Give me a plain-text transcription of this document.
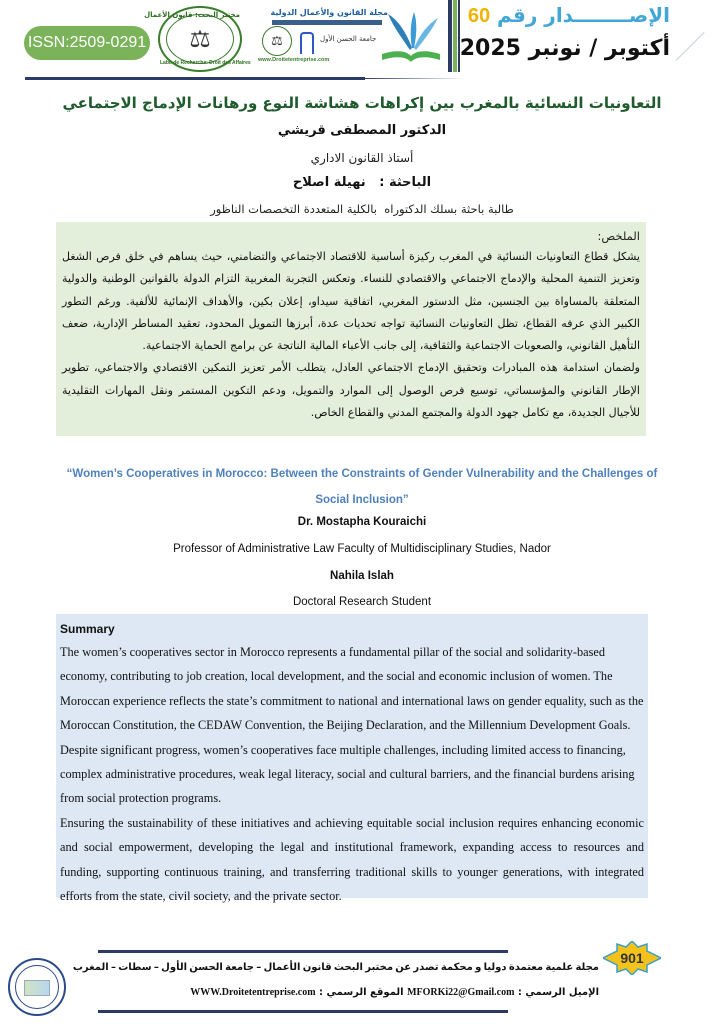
ISSN:2509-0291
مختبر البحث: قانون الأعمال
⚖
Labo de Recherche: Droit des Affaires
مجلة القانون والأعمال الدولية
⚖	جامعة الحسن الأول
www.Droitetentreprise.com
الإصــــــــدار رقم 60
أكتوبر / نونبر 2025
التعاونيات النسائية بالمغرب بين إكراهات هشاشة النوع ورهانات الإدماج الاجتماعي
الدكتور المصطفى قريشي
أستاذ القانون الاداري
الباحثة :   نهيلة اصلاح
طالبة باحثة بسلك الدكتوراه  بالكلية المتعددة التخصصات الناظور
الملخص:

يشكل قطاع التعاونيات النسائية في المغرب ركيزة أساسية للاقتصاد الاجتماعي والتضامني، حيث يساهم في خلق فرص الشغل وتعزيز التنمية المحلية والإدماج الاجتماعي والاقتصادي للنساء. وتعكس التجربة المغربية التزام الدولة بالقوانين الوطنية والدولية المتعلقة بالمساواة بين الجنسين، مثل الدستور المغربي، اتفاقية سيداو، إعلان بكين، والأهداف الإنمائية للألفية. ورغم التطور الكبير الذي عرفه القطاع، تظل التعاونيات النسائية تواجه تحديات عدة، أبرزها التمويل المحدود، تعقيد المساطر الإدارية، ضعف التأهيل القانوني، والصعوبات الاجتماعية والثقافية، إلى جانب الأعباء المالية الناتجة عن برامج الحماية الاجتماعية.

ولضمان استدامة هذه المبادرات وتحقيق الإدماج الاجتماعي العادل، يتطلب الأمر تعزيز التمكين الاقتصادي والاجتماعي، تطوير الإطار القانوني والمؤسساتي، توسيع فرص الوصول إلى الموارد والتمويل، ودعم التكوين المستمر ونقل المهارات التقليدية للأجيال الجديدة، مع تكامل جهود الدولة والمجتمع المدني والقطاع الخاص.

“Women’s Cooperatives in Morocco: Between the Constraints of Gender Vulnerability and the Challenges of Social Inclusion”
Dr. Mostapha Kouraichi
Professor of Administrative Law Faculty of Multidisciplinary Studies, Nador
Nahila Islah
Doctoral Research Student
Summary

The women’s cooperatives sector in Morocco represents a fundamental pillar of the social and solidarity-based economy, contributing to job creation, local development, and the social and economic inclusion of women. The Moroccan experience reflects the state’s commitment to national and international laws on gender equality, such as the Moroccan Constitution, the CEDAW Convention, the Beijing Declaration, and the Millennium Development Goals. Despite significant progress, women’s cooperatives face multiple challenges, including limited access to financing, complex administrative procedures, weak legal literacy, social and cultural barriers, and the financial burdens arising from social protection programs.

Ensuring the sustainability of these initiatives and achieving equitable social inclusion requires enhancing economic and social empowerment, developing the legal and institutional framework, expanding access to resources and funding, supporting continuous training, and transferring traditional skills to younger generations, with integrated efforts from the state, civil society, and the private sector.

مجلة علمية معتمدة دوليا و محكمة تصدر عن مختبر البحث قانون الأعمال – جامعة الحسن الأول – سطات – المغرب
الإميل الرسمي : MFORKi22@Gmail.com الموقع الرسمي : WWW.Droitetentreprise.com
901
